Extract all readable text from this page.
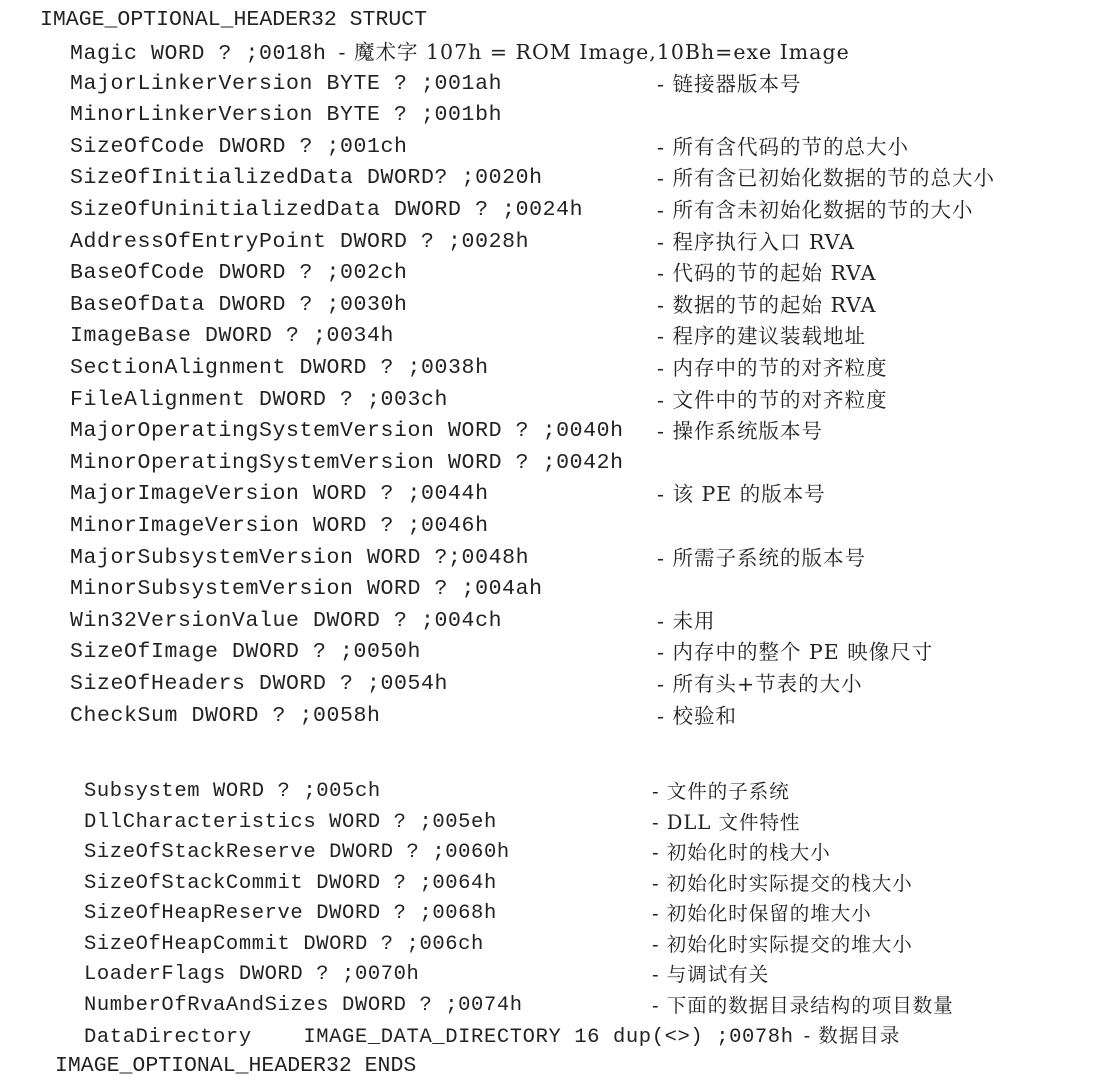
IMAGE_OPTIONAL_HEADER32 STRUCT
Magic WORD ? ;0018h - 魔术字 107h = ROM Image,10Bh=exe Image
MajorLinkerVersion BYTE ? ;001ah	- 链接器版本号
MinorLinkerVersion BYTE ? ;001bh
SizeOfCode DWORD ? ;001ch	- 所有含代码的节的总大小
SizeOfInitializedData DWORD? ;0020h	- 所有含已初始化数据的节的总大小
SizeOfUninitializedData DWORD ? ;0024h	- 所有含未初始化数据的节的大小
AddressOfEntryPoint DWORD ? ;0028h	- 程序执行入口 RVA
BaseOfCode DWORD ? ;002ch	- 代码的节的起始 RVA
BaseOfData DWORD ? ;0030h	- 数据的节的起始 RVA
ImageBase DWORD ? ;0034h	- 程序的建议装载地址
SectionAlignment DWORD ? ;0038h	- 内存中的节的对齐粒度
FileAlignment DWORD ? ;003ch	- 文件中的节的对齐粒度
MajorOperatingSystemVersion WORD ? ;0040h - 操作系统版本号
MinorOperatingSystemVersion WORD ? ;0042h
MajorImageVersion WORD ? ;0044h	- 该 PE 的版本号
MinorImageVersion WORD ? ;0046h
MajorSubsystemVersion WORD ?;0048h	- 所需子系统的版本号
MinorSubsystemVersion WORD ? ;004ah
Win32VersionValue DWORD ? ;004ch	- 未用
SizeOfImage DWORD ? ;0050h	- 内存中的整个 PE 映像尺寸
SizeOfHeaders DWORD ? ;0054h	- 所有头+节表的大小
CheckSum DWORD ? ;0058h	- 校验和
Subsystem WORD ? ;005ch	- 文件的子系统
DllCharacteristics WORD ? ;005eh	- DLL 文件特性
SizeOfStackReserve DWORD ? ;0060h	- 初始化时的栈大小
SizeOfStackCommit DWORD ? ;0064h	- 初始化时实际提交的栈大小
SizeOfHeapReserve DWORD ? ;0068h	- 初始化时保留的堆大小
SizeOfHeapCommit DWORD ? ;006ch	- 初始化时实际提交的堆大小
LoaderFlags DWORD ? ;0070h	- 与调试有关
NumberOfRvaAndSizes DWORD ? ;0074h	- 下面的数据目录结构的项目数量
DataDirectory    IMAGE_DATA_DIRECTORY 16 dup(<>) ;0078h - 数据目录
IMAGE_OPTIONAL_HEADER32 ENDS
